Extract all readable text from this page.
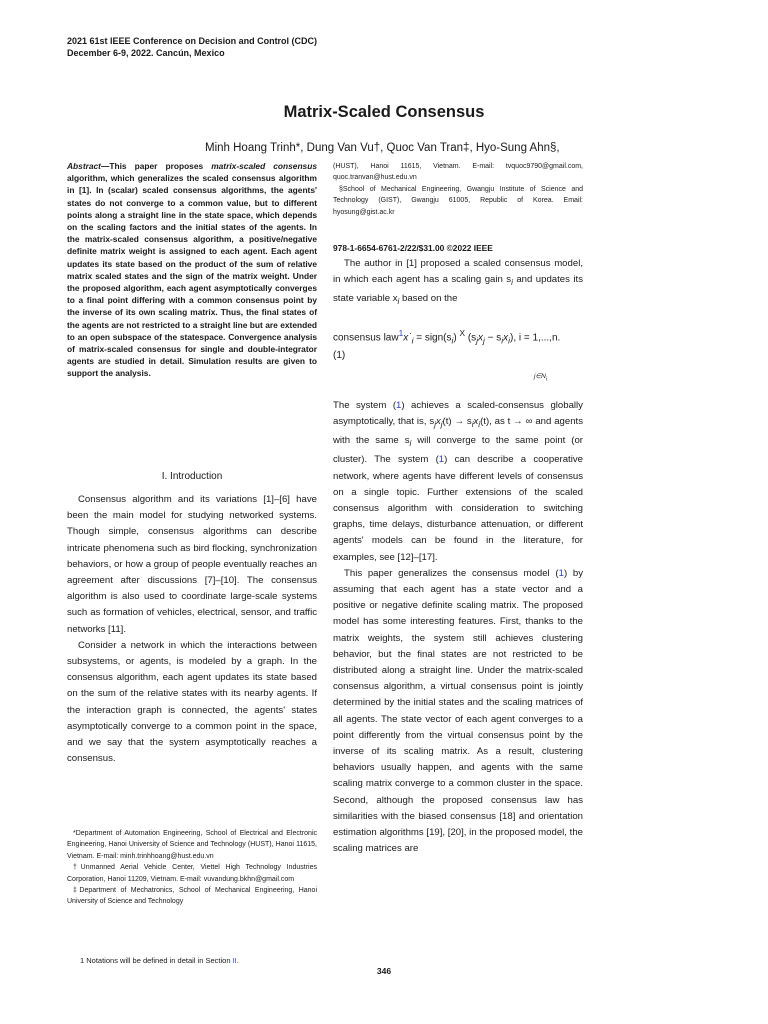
2021 61st IEEE Conference on Decision and Control (CDC)
December 6-9, 2022. Cancún, Mexico
Matrix-Scaled Consensus
Minh Hoang Trinh*, Dung Van Vu†, Quoc Van Tran‡, Hyo-Sung Ahn§,
Abstract—This paper proposes matrix-scaled consensus algorithm, which generalizes the scaled consensus algorithm in [1]. In (scalar) scaled consensus algorithms, the agents' states do not converge to a common value, but to different points along a straight line in the state space, which depends on the scaling factors and the initial states of the agents. In the matrix-scaled consensus algorithm, a positive/negative definite matrix weight is assigned to each agent. Each agent updates its state based on the product of the sum of relative matrix scaled states and the sign of the matrix weight. Under the proposed algorithm, each agent asymptotically converges to a final point differing with a common consensus point by the inverse of its own scaling matrix. Thus, the final states of the agents are not restricted to a straight line but are extended to an open subspace of the statespace. Convergence analysis of matrix-scaled consensus for single and double-integrator agents are studied in detail. Simulation results are given to support the analysis.
I. Introduction

Consensus algorithm and its variations [1]–[6] have been the main model for studying networked systems. Though simple, consensus algorithms can describe intricate phenomena such as bird flocking, synchronization behaviors, or how a group of people eventually reaches an agreement after discussions [7]–[10]. The consensus algorithm is also used to coordinate large-scale systems such as formation of vehicles, electrical, sensor, and traffic networks [11].

Consider a network in which the interactions between subsystems, or agents, is modeled by a graph. In the consensus algorithm, each agent updates its state based on the sum of the relative states with its nearby agents. If the interaction graph is connected, the agents' states asymptotically converge to a common point in the space, and we say that the system asymptotically reaches a consensus.

*Department of Automation Engineering, School of Electrical and Electronic Engineering, Hanoi University of Science and Technology (HUST), Hanoi 11615, Vietnam. E-mail: minh.trinhhoang@hust.edu.vn

†Unmanned Aerial Vehicle Center, Viettel High Technology Industries Corporation, Hanoi 11209, Vietnam. E-mail: vuvandung.bkhn@gmail.com

‡Department of Mechatronics, School of Mechanical Engineering, Hanoi University of Science and Technology

(HUST), Hanoi 11615, Vietnam. E-mail: tvquoc9790@gmail.com, quoc.tranvan@hust.edu.vn

§School of Mechanical Engineering, Gwangju Institute of Science and Technology (GIST), Gwangju 61005, Republic of Korea. Email: hyosung@gist.ac.kr

978-1-6654-6761-2/22/$31.00 ©2022 IEEE

The author in [1] proposed a scaled consensus model, in which each agent has a scaling gain $s_i$ and updates its state variable $x_i$ based on the

consensus $law^1x˙_i$ = $sign(s_i)$ $^X$ $(s_jx_j - s_ix_i)$, i = 1,...,n.
(1)
$j\in N_i$

The system (1) achieves a scaled-consensus globally asymptotically, that is, $s_jx_j(t) \to s_ix_i(t)$, as t → ∞ and agents with the same $s_i$ will converge to the same point (or cluster). The system (1) can describe a cooperative network, where agents have different levels of consensus on a single topic. Further extensions of the scaled consensus algorithm with consideration to switching graphs, time delays, disturbance attenuation, or different agents' models can be found in the literature, for examples, see [12]–[17].

This paper generalizes the consensus model (1) by assuming that each agent has a state vector and a positive or negative definite scaling matrix. The proposed model has some interesting features. First, thanks to the matrix weights, the system still achieves clustering behavior, but the final states are not restricted to be distributed along a straight line. Under the matrix-scaled consensus algorithm, a virtual consensus point is jointly determined by the initial states and the scaling matrices of all agents. The state vector of each agent converges to a point differently from the virtual consensus point by the inverse of its scaling matrix. As a result, clustering behaviors usually happen, and agents with the same scaling matrix converge to a common cluster in the space. Second, although the proposed consensus law has similarities with the biased consensus [18] and orientation estimation algorithms [19], [20], in the proposed model, the scaling matrices are

1 Notations will be defined in detail in Section II.
346
